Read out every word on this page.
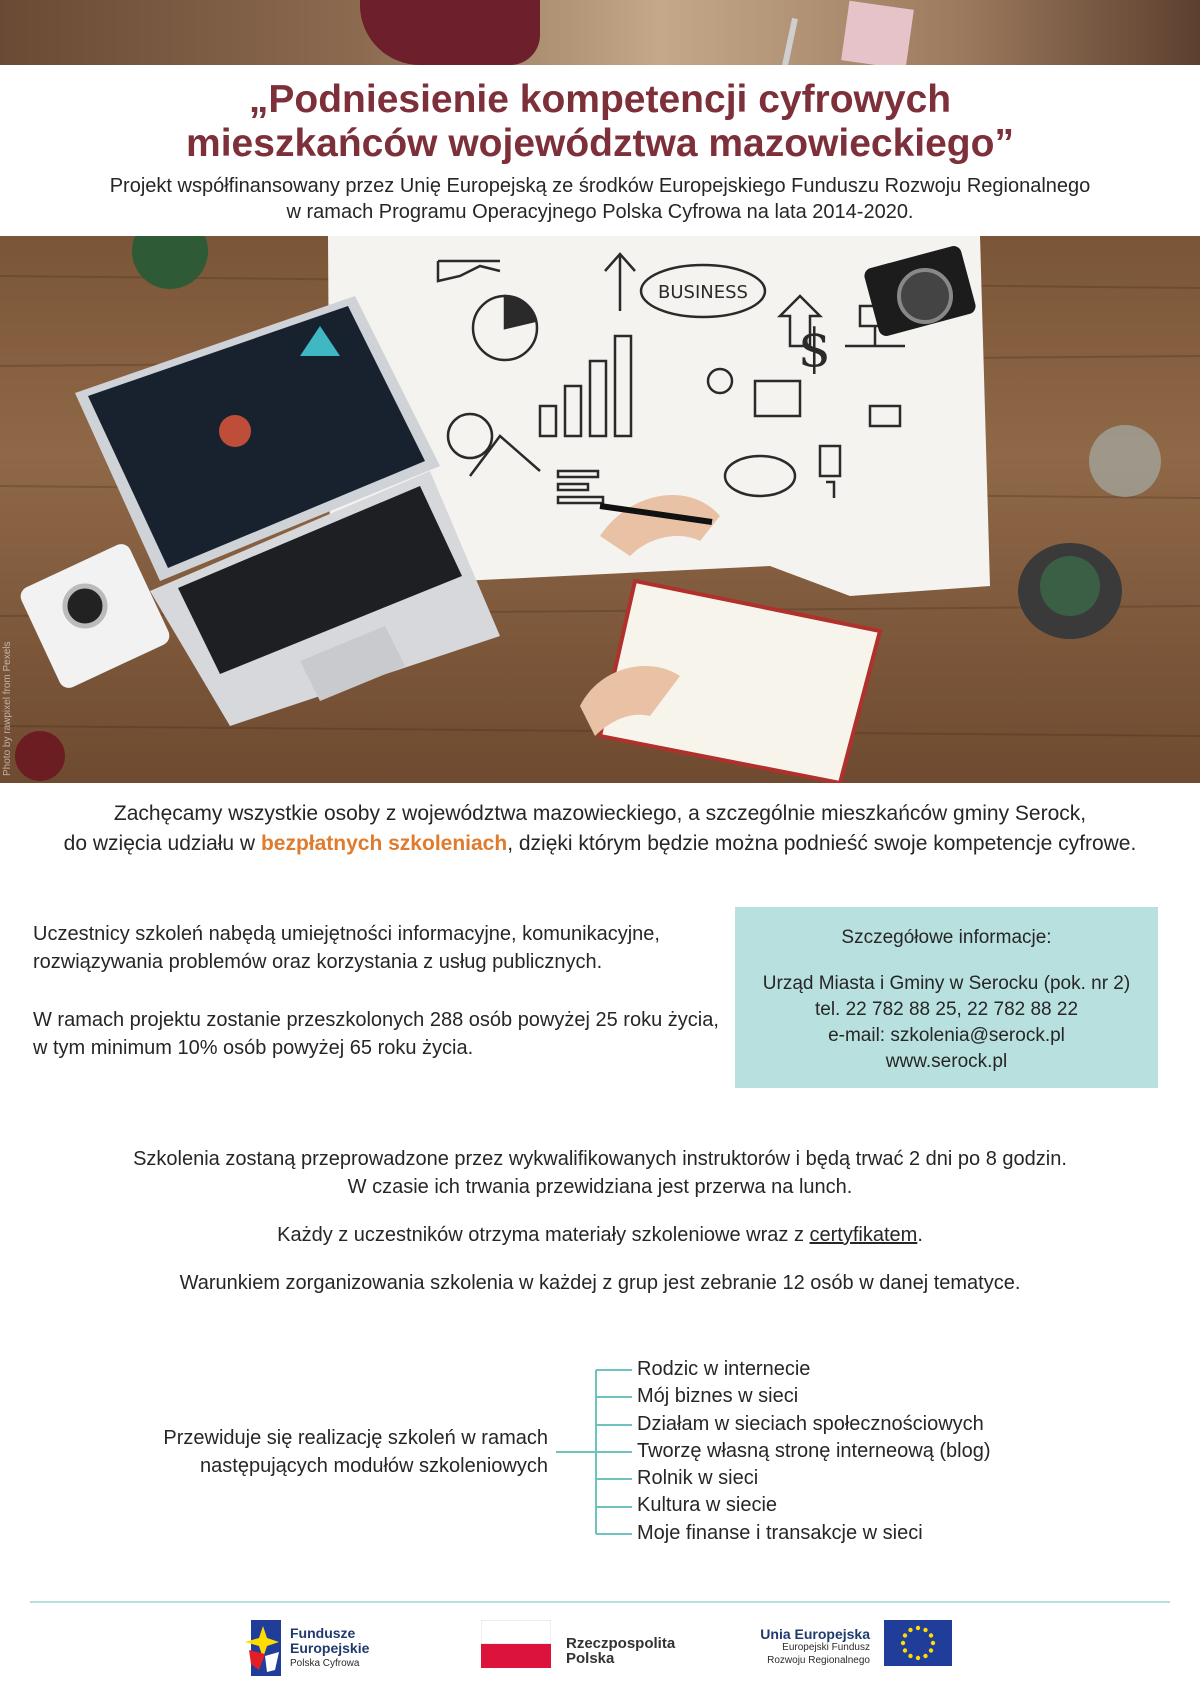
„Podniesienie kompetencji cyfrowych
mieszkańców województwa mazowieckiego”
Projekt współfinansowany przez Unię Europejską ze środków Europejskiego Funduszu Rozwoju Regionalnego
w ramach Programu Operacyjnego Polska Cyfrowa na lata 2014-2020.
$
BUSINESS
Photo by rawpixel from Pexels
Zachęcamy wszystkie osoby z województwa mazowieckiego, a szczególnie mieszkańców gminy Serock,
do wzięcia udziału w bezpłatnych szkoleniach, dzięki którym będzie można podnieść swoje kompetencje cyfrowe.

Uczestnicy szkoleń nabędą umiejętności informacyjne, komunikacyjne, rozwiązywania problemów oraz korzystania z usług publicznych.

W ramach projektu zostanie przeszkolonych 288 osób powyżej 25 roku życia, w tym minimum 10% osób powyżej 65 roku życia.

Szczegółowe informacje:
Urząd Miasta i Gminy w Serocku (pok. nr 2)
tel. 22 782 88 25, 22 782 88 22
e-mail: szkolenia@serock.pl
www.serock.pl

Szkolenia zostaną przeprowadzone przez wykwalifikowanych instruktorów i będą trwać 2 dni po 8 godzin.
W czasie ich trwania przewidziana jest przerwa na lunch.

Każdy z uczestników otrzyma materiały szkoleniowe wraz z certyfikatem.

Warunkiem zorganizowania szkolenia w każdej z grup jest zebranie 12 osób w danej tematyce.

Przewiduje się realizację szkoleń w ramach
następujących modułów szkoleniowych
Rodzic w internecie
Mój biznes w sieci
Działam w sieciach społecznościowych
Tworzę własną stronę interneową (blog)
Rolnik w sieci
Kultura w siecie
Moje finanse i transakcje w sieci
Fundusze
Europejskie
Polska Cyfrowa
Rzeczpospolita
Polska
Unia Europejska
Europejski Fundusz
Rozwoju Regionalnego
